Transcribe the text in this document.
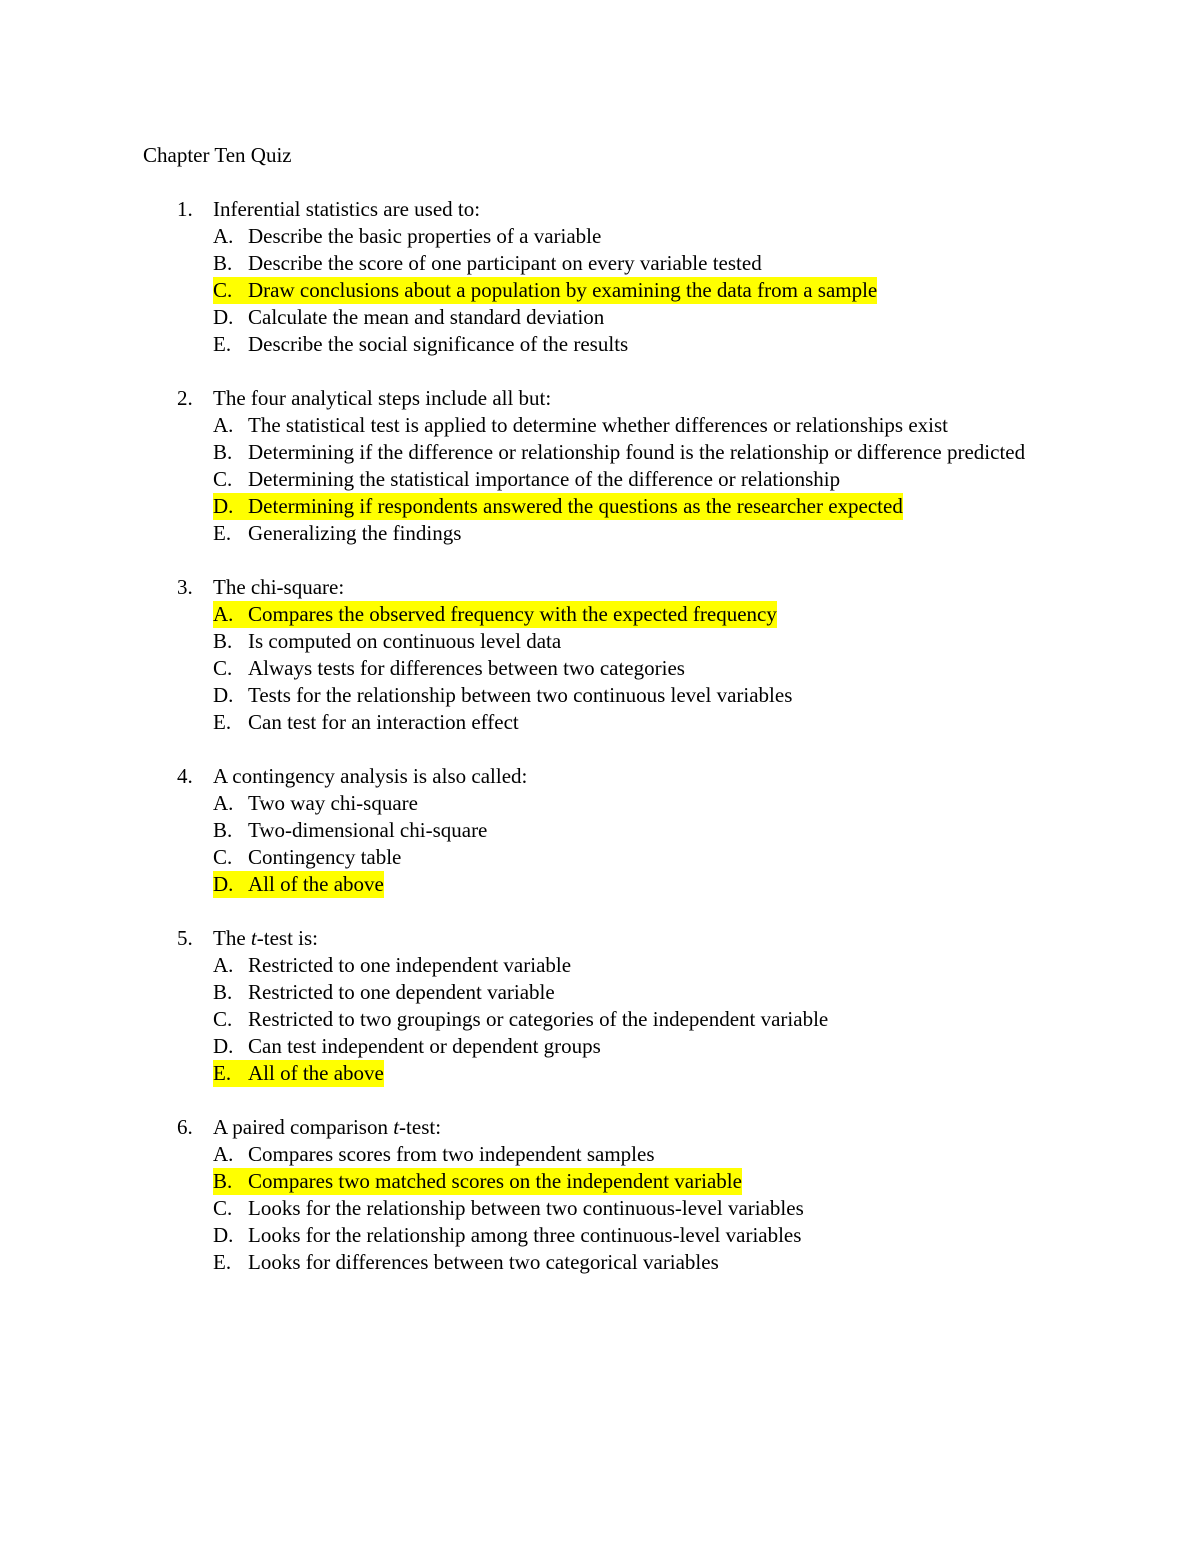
Chapter Ten Quiz
1. Inferential statistics are used to:
A. Describe the basic properties of a variable
B. Describe the score of one participant on every variable tested
C. Draw conclusions about a population by examining the data from a sample
D. Calculate the mean and standard deviation
E. Describe the social significance of the results
2. The four analytical steps include all but:
A. The statistical test is applied to determine whether differences or relationships exist
B. Determining if the difference or relationship found is the relationship or difference predicted
C. Determining the statistical importance of the difference or relationship
D. Determining if respondents answered the questions as the researcher expected
E. Generalizing the findings
3. The chi-square:
A. Compares the observed frequency with the expected frequency
B. Is computed on continuous level data
C. Always tests for differences between two categories
D. Tests for the relationship between two continuous level variables
E. Can test for an interaction effect
4. A contingency analysis is also called:
A. Two way chi-square
B. Two-dimensional chi-square
C. Contingency table
D. All of the above
5. The t-test is:
A. Restricted to one independent variable
B. Restricted to one dependent variable
C. Restricted to two groupings or categories of the independent variable
D. Can test independent or dependent groups
E. All of the above
6. A paired comparison t-test:
A. Compares scores from two independent samples
B. Compares two matched scores on the independent variable
C. Looks for the relationship between two continuous-level variables
D. Looks for the relationship among three continuous-level variables
E. Looks for differences between two categorical variables
